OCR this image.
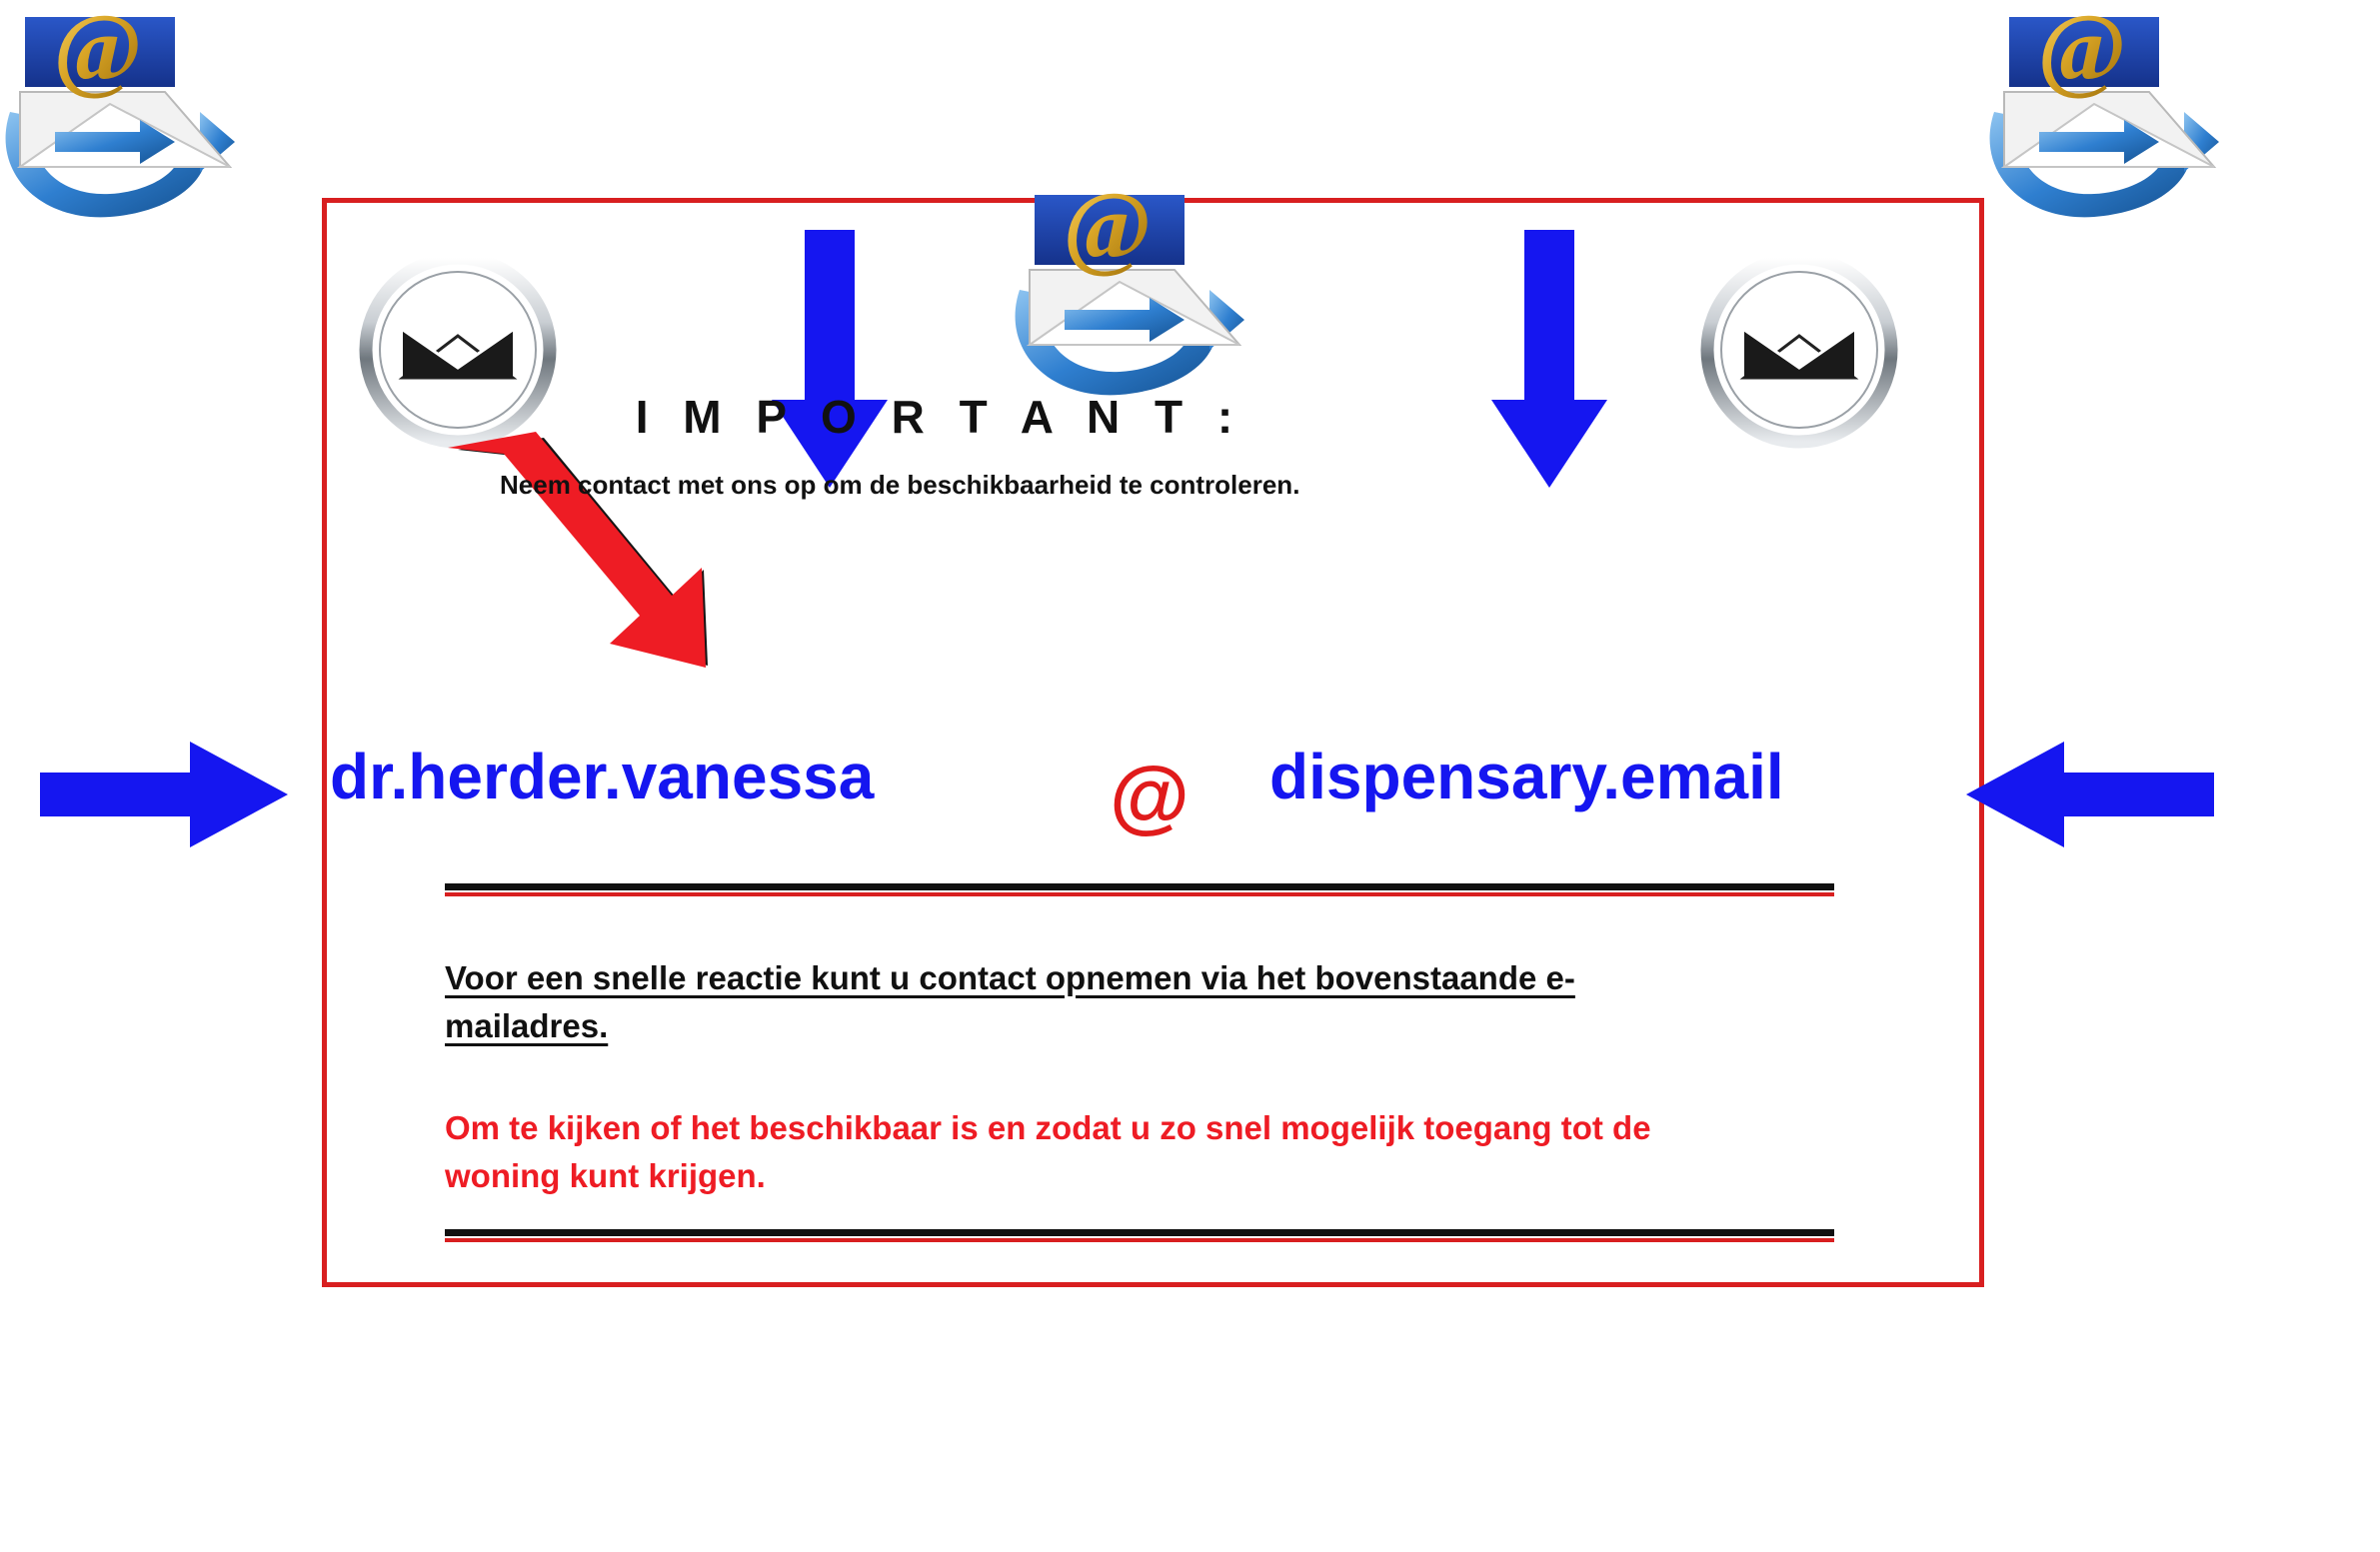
@	@
@
I M P O R T A N T :
Neem contact met ons op om de beschikbaarheid te controleren.
dr.herder.vanessa	@ dispensary.email
Voor een snelle reactie kunt u contact opnemen via het bovenstaande e-mailadres.
Om te kijken of het beschikbaar is en zodat u zo snel mogelijk toegang tot de woning kunt krijgen.
